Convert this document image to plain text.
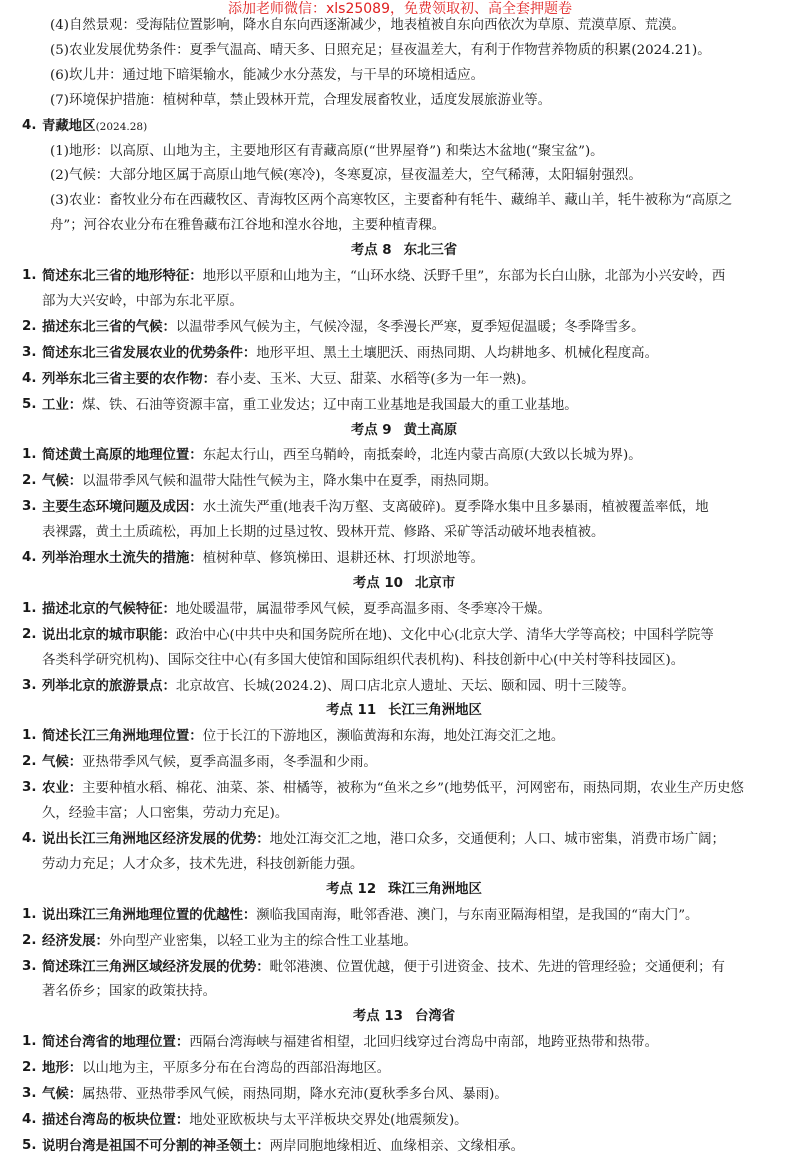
添加老师微信：xls25089，免费领取初、高全套押题卷

(4)自然景观：受海陆位置影响，降水自东向西逐渐减少，地表植被自东向西依次为草原、荒漠草原、荒漠。

(5)农业发展优势条件：夏季气温高、晴天多、日照充足；昼夜温差大，有利于作物营养物质的积累(2024.21)。

(6)坎儿井：通过地下暗渠输水，能减少水分蒸发，与干旱的环境相适应。

(7)环境保护措施：植树种草，禁止毁林开荒，合理发展畜牧业，适度发展旅游业等。

4. 青藏地区(2024.28)

(1)地形：以高原、山地为主，主要地形区有青藏高原(“世界屋脊”) 和柴达木盆地(“聚宝盆”)。

(2)气候：大部分地区属于高原山地气候(寒冷)，冬寒夏凉，昼夜温差大，空气稀薄，太阳辐射强烈。

(3)农业：畜牧业分布在西藏牧区、青海牧区两个高寒牧区，主要畜种有牦牛、藏绵羊、藏山羊，牦牛被称为“高原之

舟”；河谷农业分布在雅鲁藏布江谷地和湟水谷地，主要种植青稞。

考点 8 东北三省

1. 简述东北三省的地形特征：地形以平原和山地为主，“山环水绕、沃野千里”，东部为长白山脉，北部为小兴安岭，西
部为大兴安岭，中部为东北平原。
2. 描述东北三省的气候：以温带季风气候为主，气候冷湿，冬季漫长严寒，夏季短促温暖；冬季降雪多。
3. 简述东北三省发展农业的优势条件：地形平坦、黑土土壤肥沃、雨热同期、人均耕地多、机械化程度高。
4. 列举东北三省主要的农作物：春小麦、玉米、大豆、甜菜、水稻等(多为一年一熟)。
5. 工业：煤、铁、石油等资源丰富，重工业发达；辽中南工业基地是我国最大的重工业基地。

考点 9 黄土高原

1. 简述黄土高原的地理位置：东起太行山，西至乌鞘岭，南抵秦岭，北连内蒙古高原(大致以长城为界)。
2. 气候：以温带季风气候和温带大陆性气候为主，降水集中在夏季，雨热同期。
3. 主要生态环境问题及成因：水土流失严重(地表千沟万壑、支离破碎)。夏季降水集中且多暴雨，植被覆盖率低，地
表裸露，黄土土质疏松，再加上长期的过垦过牧、毁林开荒、修路、采矿等活动破坏地表植被。
4. 列举治理水土流失的措施：植树种草、修筑梯田、退耕还林、打坝淤地等。

考点 10 北京市

1. 描述北京的气候特征：地处暖温带，属温带季风气候，夏季高温多雨、冬季寒冷干燥。
2. 说出北京的城市职能：政治中心(中共中央和国务院所在地)、文化中心(北京大学、清华大学等高校；中国科学院等
各类科学研究机构)、国际交往中心(有多国大使馆和国际组织代表机构)、科技创新中心(中关村等科技园区)。
3. 列举北京的旅游景点：北京故宫、长城(2024.2)、周口店北京人遗址、天坛、颐和园、明十三陵等。

考点 11 长江三角洲地区

1. 简述长江三角洲地理位置：位于长江的下游地区，濒临黄海和东海，地处江海交汇之地。
2. 气候：亚热带季风气候，夏季高温多雨，冬季温和少雨。
3. 农业：主要种植水稻、棉花、油菜、茶、柑橘等，被称为“鱼米之乡”(地势低平，河网密布，雨热同期，农业生产历史悠
久，经验丰富；人口密集，劳动力充足)。
4. 说出长江三角洲地区经济发展的优势：地处江海交汇之地，港口众多，交通便利；人口、城市密集，消费市场广阔；
劳动力充足；人才众多，技术先进，科技创新能力强。

考点 12 珠江三角洲地区

1. 说出珠江三角洲地理位置的优越性：濒临我国南海，毗邻香港、澳门，与东南亚隔海相望，是我国的“南大门”。
2. 经济发展：外向型产业密集，以轻工业为主的综合性工业基地。
3. 简述珠江三角洲区域经济发展的优势：毗邻港澳、位置优越，便于引进资金、技术、先进的管理经验；交通便利；有
著名侨乡；国家的政策扶持。

考点 13 台湾省

1. 简述台湾省的地理位置：西隔台湾海峡与福建省相望，北回归线穿过台湾岛中南部，地跨亚热带和热带。
2. 地形：以山地为主，平原多分布在台湾岛的西部沿海地区。
3. 气候：属热带、亚热带季风气候，雨热同期，降水充沛(夏秋季多台风、暴雨)。
4. 描述台湾岛的板块位置：地处亚欧板块与太平洋板块交界处(地震频发)。
5. 说明台湾是祖国不可分割的神圣领土：两岸同胞地缘相近、血缘相亲、文缘相承。
